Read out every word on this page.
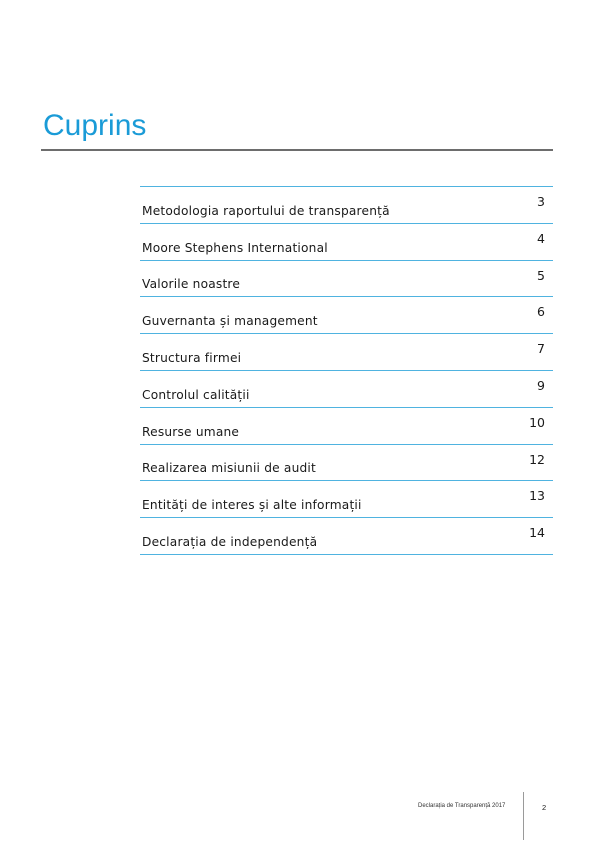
Cuprins
Metodologia raportului de transparență
3
Moore Stephens International
4
Valorile noastre
5
Guvernanta și management
6
Structura firmei
7
Controlul calității
9
Resurse umane
10
Realizarea misiunii de audit
12
Entități de interes și alte informații
13
Declarația de independență
14
Declarația de Transparență 2017	2
